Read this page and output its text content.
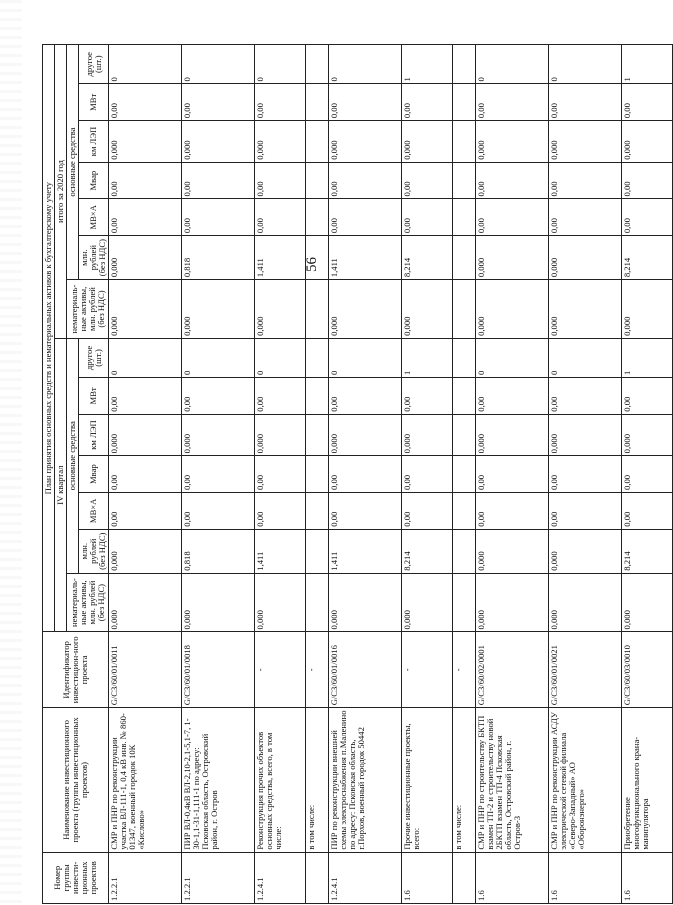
56
Номер группы инвести-ционных проектов	Наименование инвестиционного проекта (группы инвестиционных проектов)	Идентификатор инвестицион-ного проекта	План принятия основных средств и нематериальных активов к бухгалтерскому учету													
			IV квартал							итого за 2020 год						
			нематериаль-ные активы, млн. рублей (без НДС)	основные средства						нематериаль-ные активы, млн. рублей (без НДС)	основные средства					
				млн. рублей (без НДС)	МВ×А	Мвар	км ЛЭП	МВт	другое (шт.)		млн. рублей (без НДС)	МВ×А	Мвар	км ЛЭП	МВт	другое (шт.)
1.2.2.1	СМР и ПНР по реконструкции участка ВЛ-111-1, 0,4 кВ инв. № 860-01347, военный городок 10К «Кислово»	G/C3/60/01/0011	0,000	0,000	0,00	0,00	0,000	0,00	0	0,000	0,000	0,00	0,00	0,000	0,00	0
1.2.2.1	ПИР ВЛ-0,4кВ ВЛ-2,10-2,1-5,1-7, 1-30-1,1-31-1,111-1 по адресу: Псковская область, Островский район, г. Остров	G/C3/60/01/0018	0,000	0,818	0,00	0,00	0,000	0,00	0	0,000	0,818	0,00	0,00	0,000	0,00	0
1.2.4.1	Реконструкция прочих объектов основных средства, всего, в том числе:	-	0,000	1,411	0,00	0,00	0,000	0,00	0	0,000	1,411	0,00	0,00	0,000	0,00	0
	в том числе:	-														
1.2.4.1	ПИР по реконструкции внешней схемы электроснабжения п.Маленино по адресу: Псковская область, г.Порхов, военный городок 50442	G/C3/60/01/0016	0,000	1,411	0,00	0,00	0,000	0,00	0	0,000	1,411	0,00	0,00	0,000	0,00	0
1.6	Прочие инвестиционные проекты, всего:	-	0,000	8,214	0,00	0,00	0,000	0,00	1	0,000	8,214	0,00	0,00	0,000	0,00	1
	в том числе:	-														
1.6	СМР и ПНР по строительству БКТП взамен ТП-2 и строительству новой 2БКТП взамен ТП-4 Псковская область, Островский район, г. Остров-3	G/C3/60/02/0001	0,000	0,000	0,00	0,00	0,000	0,00	0	0,000	0,000	0,00	0,00	0,000	0,00	0
1.6	СМР и ПНР по реконструкции АСДУ электрической сетевой филиала «Северо-Западный» АО «Оборонэнерго»	G/C3/60/01/0021	0,000	0,000	0,00	0,00	0,000	0,00	0	0,000	0,000	0,00	0,00	0,000	0,00	0
1.6	Приобретение многофункционального крана-манипулятора	G/C3/60/03/0010	0,000	8,214	0,00	0,00	0,000	0,00	1	0,000	8,214	0,00	0,00	0,000	0,00	1
